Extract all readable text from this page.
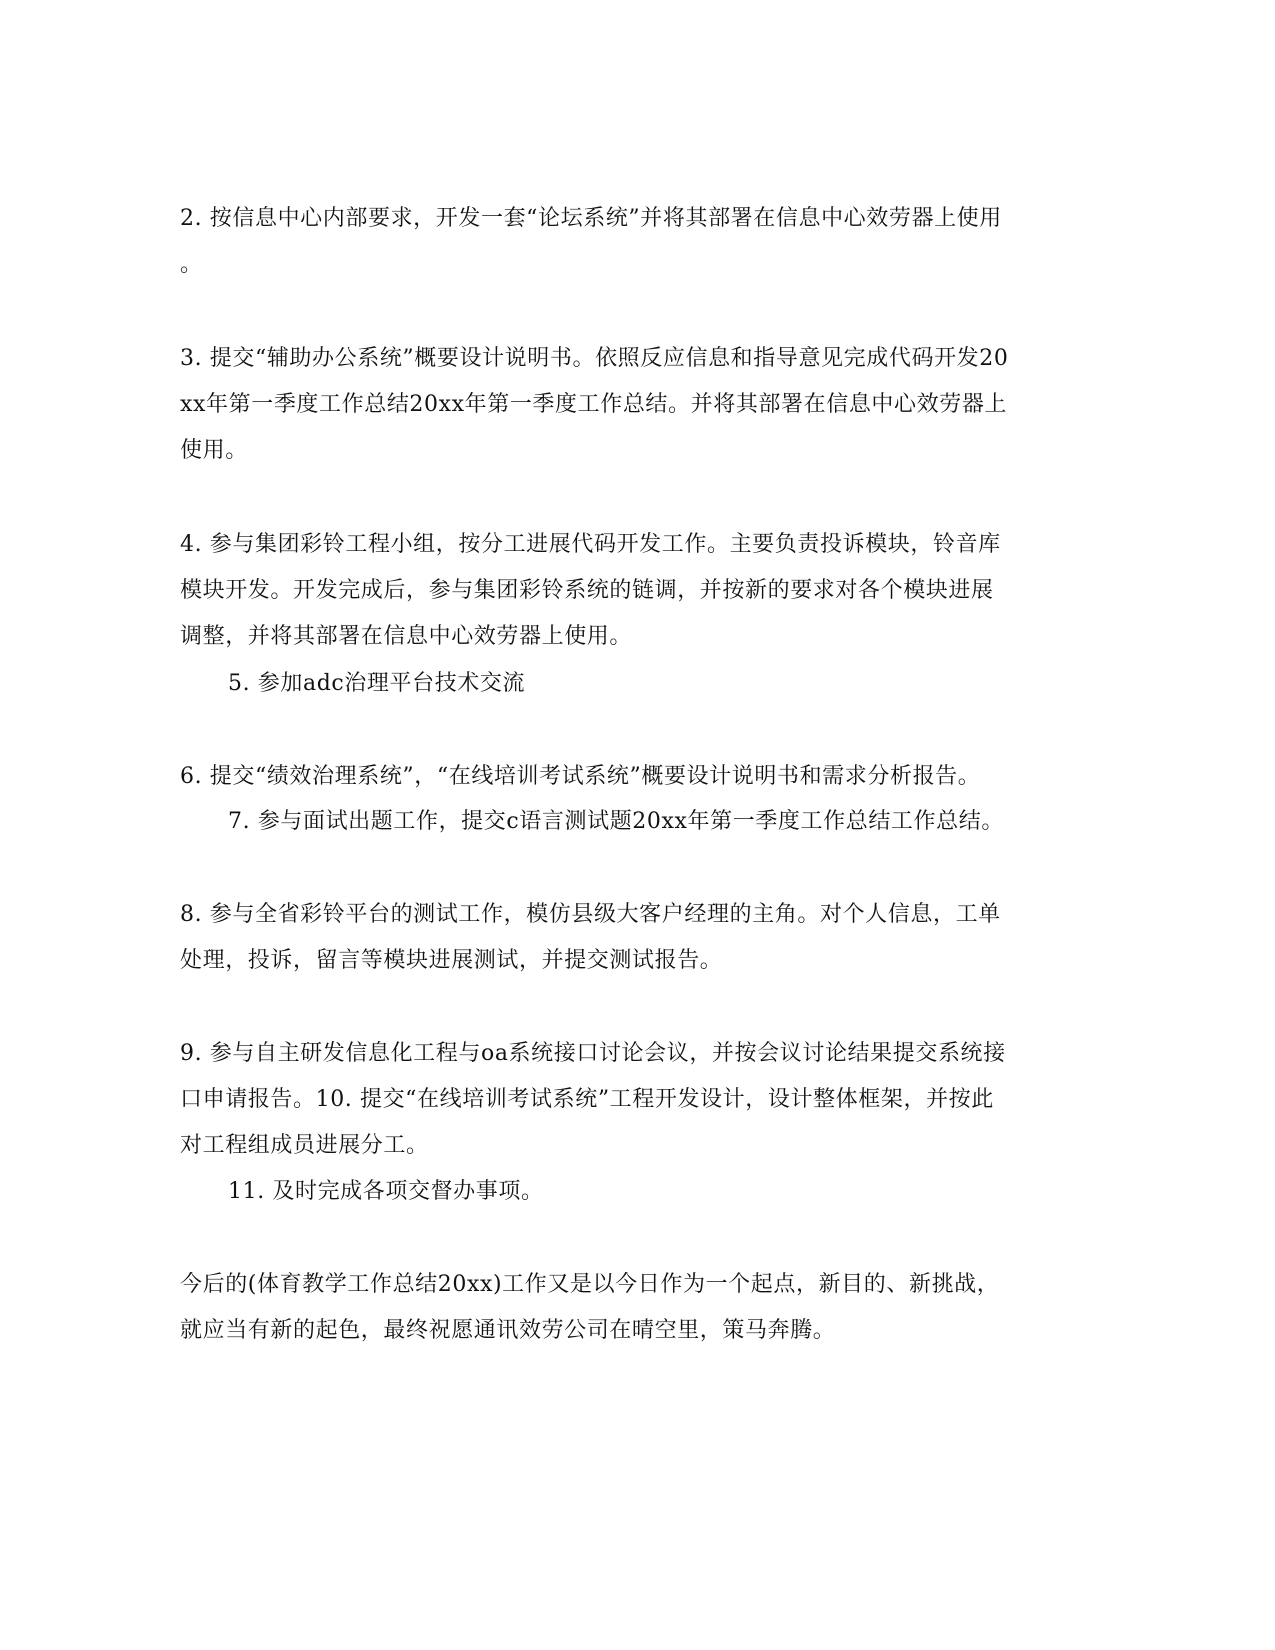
2. 按信息中心内部要求，开发一套“论坛系统”并将其部署在信息中心效劳器上使用
。

3. 提交“辅助办公系统”概要设计说明书。依照反应信息和指导意见完成代码开发20
xx年第一季度工作总结20xx年第一季度工作总结。并将其部署在信息中心效劳器上
使用。

4. 参与集团彩铃工程小组，按分工进展代码开发工作。主要负责投诉模块，铃音库
模块开发。开发完成后，参与集团彩铃系统的链调，并按新的要求对各个模块进展
调整，并将其部署在信息中心效劳器上使用。

5. 参加adc治理平台技术交流

6. 提交“绩效治理系统”，“在线培训考试系统”概要设计说明书和需求分析报告。

7. 参与面试出题工作，提交c语言测试题20xx年第一季度工作总结工作总结。

8. 参与全省彩铃平台的测试工作，模仿县级大客户经理的主角。对个人信息，工单
处理，投诉，留言等模块进展测试，并提交测试报告。

9. 参与自主研发信息化工程与oa系统接口讨论会议，并按会议讨论结果提交系统接
口申请报告。10. 提交“在线培训考试系统”工程开发设计，设计整体框架，并按此
对工程组成员进展分工。

11. 及时完成各项交督办事项。

今后的(体育教学工作总结20xx)工作又是以今日作为一个起点，新目的、新挑战，
就应当有新的起色，最终祝愿通讯效劳公司在晴空里，策马奔腾。
